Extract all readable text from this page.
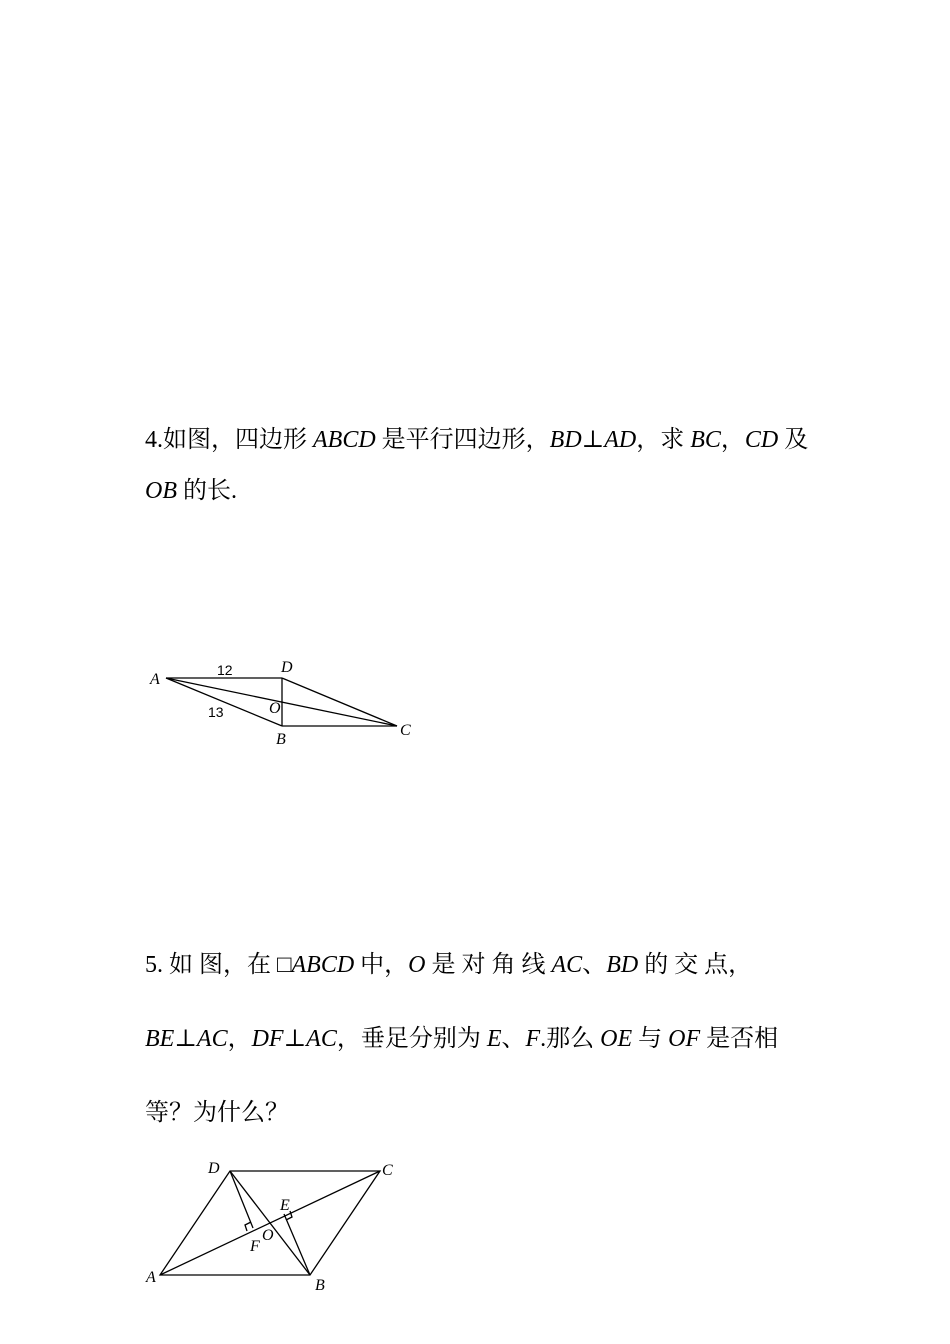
4.如图，四边形 ABCD 是平行四边形，BD⊥AD，求 BC，CD 及
OB 的长.
A
D
B
C
O
12
13
5. 如 图，在 □ABCD 中，O 是 对 角 线 AC、BD 的 交 点，
BE⊥AC，DF⊥AC，垂足分别为 E、F.那么 OE 与 OF 是否相
等？为什么？
A	B
C
D
E
F
O
